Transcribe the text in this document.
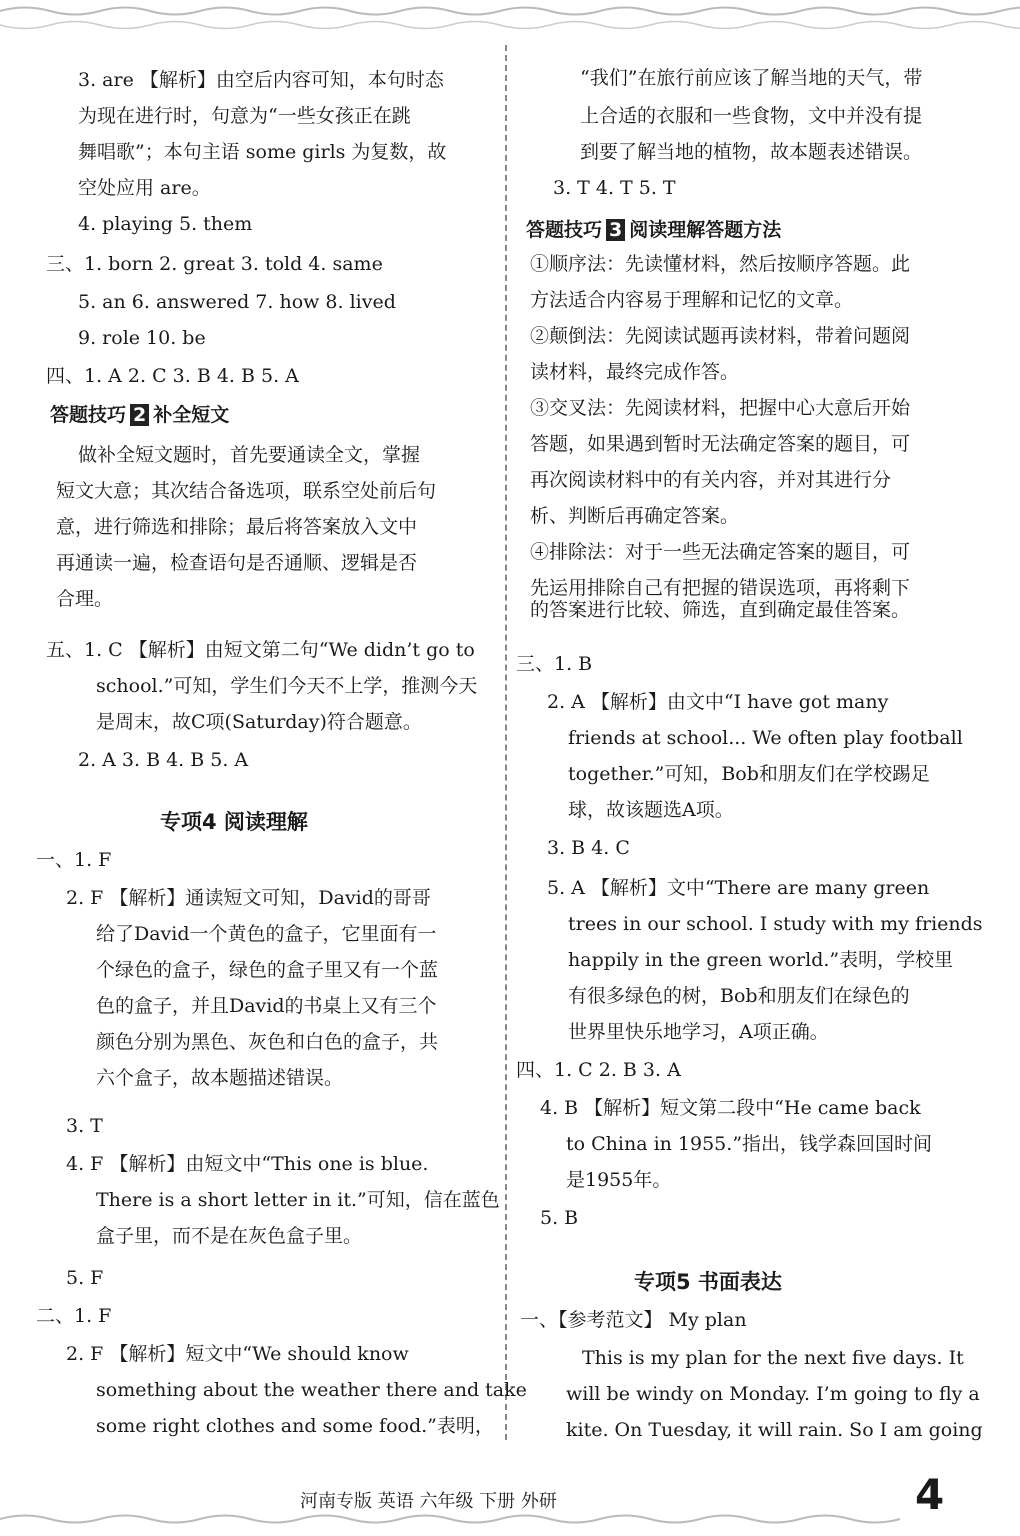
3. are 【解析】由空后内容可知，本句时态
为现在进行时，句意为“一些女孩正在跳
舞唱歌”；本句主语 some girls 为复数，故
空处应用 are。
4. playing 5. them
三、1. born 2. great 3. told 4. same
5. an 6. answered 7. how 8. lived
9. role 10. be
四、1. A 2. C 3. B 4. B 5. A
做补全短文题时，首先要通读全文，掌握
短文大意；其次结合备选项，联系空处前后句
意，进行筛选和排除；最后将答案放入文中
再通读一遍，检查语句是否通顺、逻辑是否
合理。
五、1. C 【解析】由短文第二句“We didn’t go to
school.”可知，学生们今天不上学，推测今天
是周末，故C项(Saturday)符合题意。
2. A 3. B 4. B 5. A
一、1. F
2. F 【解析】通读短文可知，David的哥哥
给了David一个黄色的盒子，它里面有一
个绿色的盒子，绿色的盒子里又有一个蓝
色的盒子，并且David的书桌上又有三个
颜色分别为黑色、灰色和白色的盒子，共
六个盒子，故本题描述错误。
3. T
4. F 【解析】由短文中“This one is blue.
There is a short letter in it.”可知，信在蓝色
盒子里，而不是在灰色盒子里。
5. F
二、1. F
2. F 【解析】短文中“We should know
something about the weather there and take
some right clothes and some food.”表明，
“我们”在旅行前应该了解当地的天气，带
上合适的衣服和一些食物，文中并没有提
到要了解当地的植物，故本题表述错误。
3. T 4. T 5. T
①顺序法：先读懂材料，然后按顺序答题。此
方法适合内容易于理解和记忆的文章。
②颠倒法：先阅读试题再读材料，带着问题阅
读材料，最终完成作答。
③交叉法：先阅读材料，把握中心大意后开始
答题，如果遇到暂时无法确定答案的题目，可
再次阅读材料中的有关内容，并对其进行分
析、判断后再确定答案。
④排除法：对于一些无法确定答案的题目，可
先运用排除自己有把握的错误选项，再将剩下
的答案进行比较、筛选，直到确定最佳答案。
三、1. B
2. A 【解析】由文中“I have got many
friends at school... We often play football
together.”可知，Bob和朋友们在学校踢足
球，故该题选A项。
3. B 4. C
5. A 【解析】文中“There are many green
trees in our school. I study with my friends
happily in the green world.”表明，学校里
有很多绿色的树，Bob和朋友们在绿色的
世界里快乐地学习，A项正确。
四、1. C 2. B 3. A
4. B 【解析】短文第二段中“He came back
to China in 1955.”指出，钱学森回国时间
是1955年。
5. B
一、【参考范文】 My plan
This is my plan for the next five days. It
will be windy on Monday. I’m going to fly a
kite. On Tuesday, it will rain. So I am going
专项4 阅读理解
专项5 书面表达
答题技巧 2 补全短文
答题技巧 3 阅读理解答题方法
河南专版 英语 六年级 下册 外研	4
